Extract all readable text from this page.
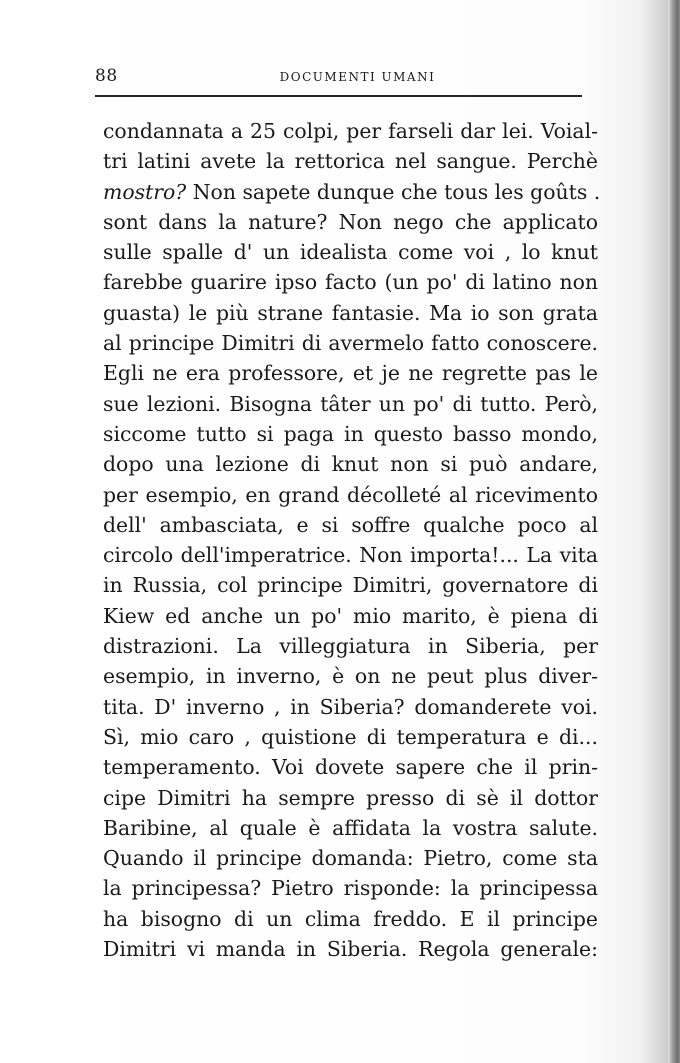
88	DOCUMENTI UMANI
condannata a 25 colpi, per farseli dar lei. Voial-
tri latini avete la rettorica nel sangue. Perchè
mostro? Non sapete dunque che tous les goûts .
sont dans la nature? Non nego che applicato
sulle spalle d' un idealista come voi , lo knut
farebbe guarire ipso facto (un po' di latino non
guasta) le più strane fantasie. Ma io son grata
al principe Dimitri di avermelo fatto conoscere.
Egli ne era professore, et je ne regrette pas le
sue lezioni. Bisogna tâter un po' di tutto. Però,
siccome tutto si paga in questo basso mondo,
dopo una lezione di knut non si può andare,
per esempio, en grand décolleté al ricevimento
dell' ambasciata, e si soffre qualche poco al
circolo dell'imperatrice. Non importa!... La vita
in Russia, col principe Dimitri, governatore di
Kiew ed anche un po' mio marito, è piena di
distrazioni. La villeggiatura in Siberia, per
esempio, in inverno, è on ne peut plus diver-
tita. D' inverno , in Siberia? domanderete voi.
Sì, mio caro , quistione di temperatura e di...
temperamento. Voi dovete sapere che il prin-
cipe Dimitri ha sempre presso di sè il dottor
Baribine, al quale è affidata la vostra salute.
Quando il principe domanda: Pietro, come sta
la principessa? Pietro risponde: la principessa
ha bisogno di un clima freddo. E il principe
Dimitri vi manda in Siberia. Regola generale:
